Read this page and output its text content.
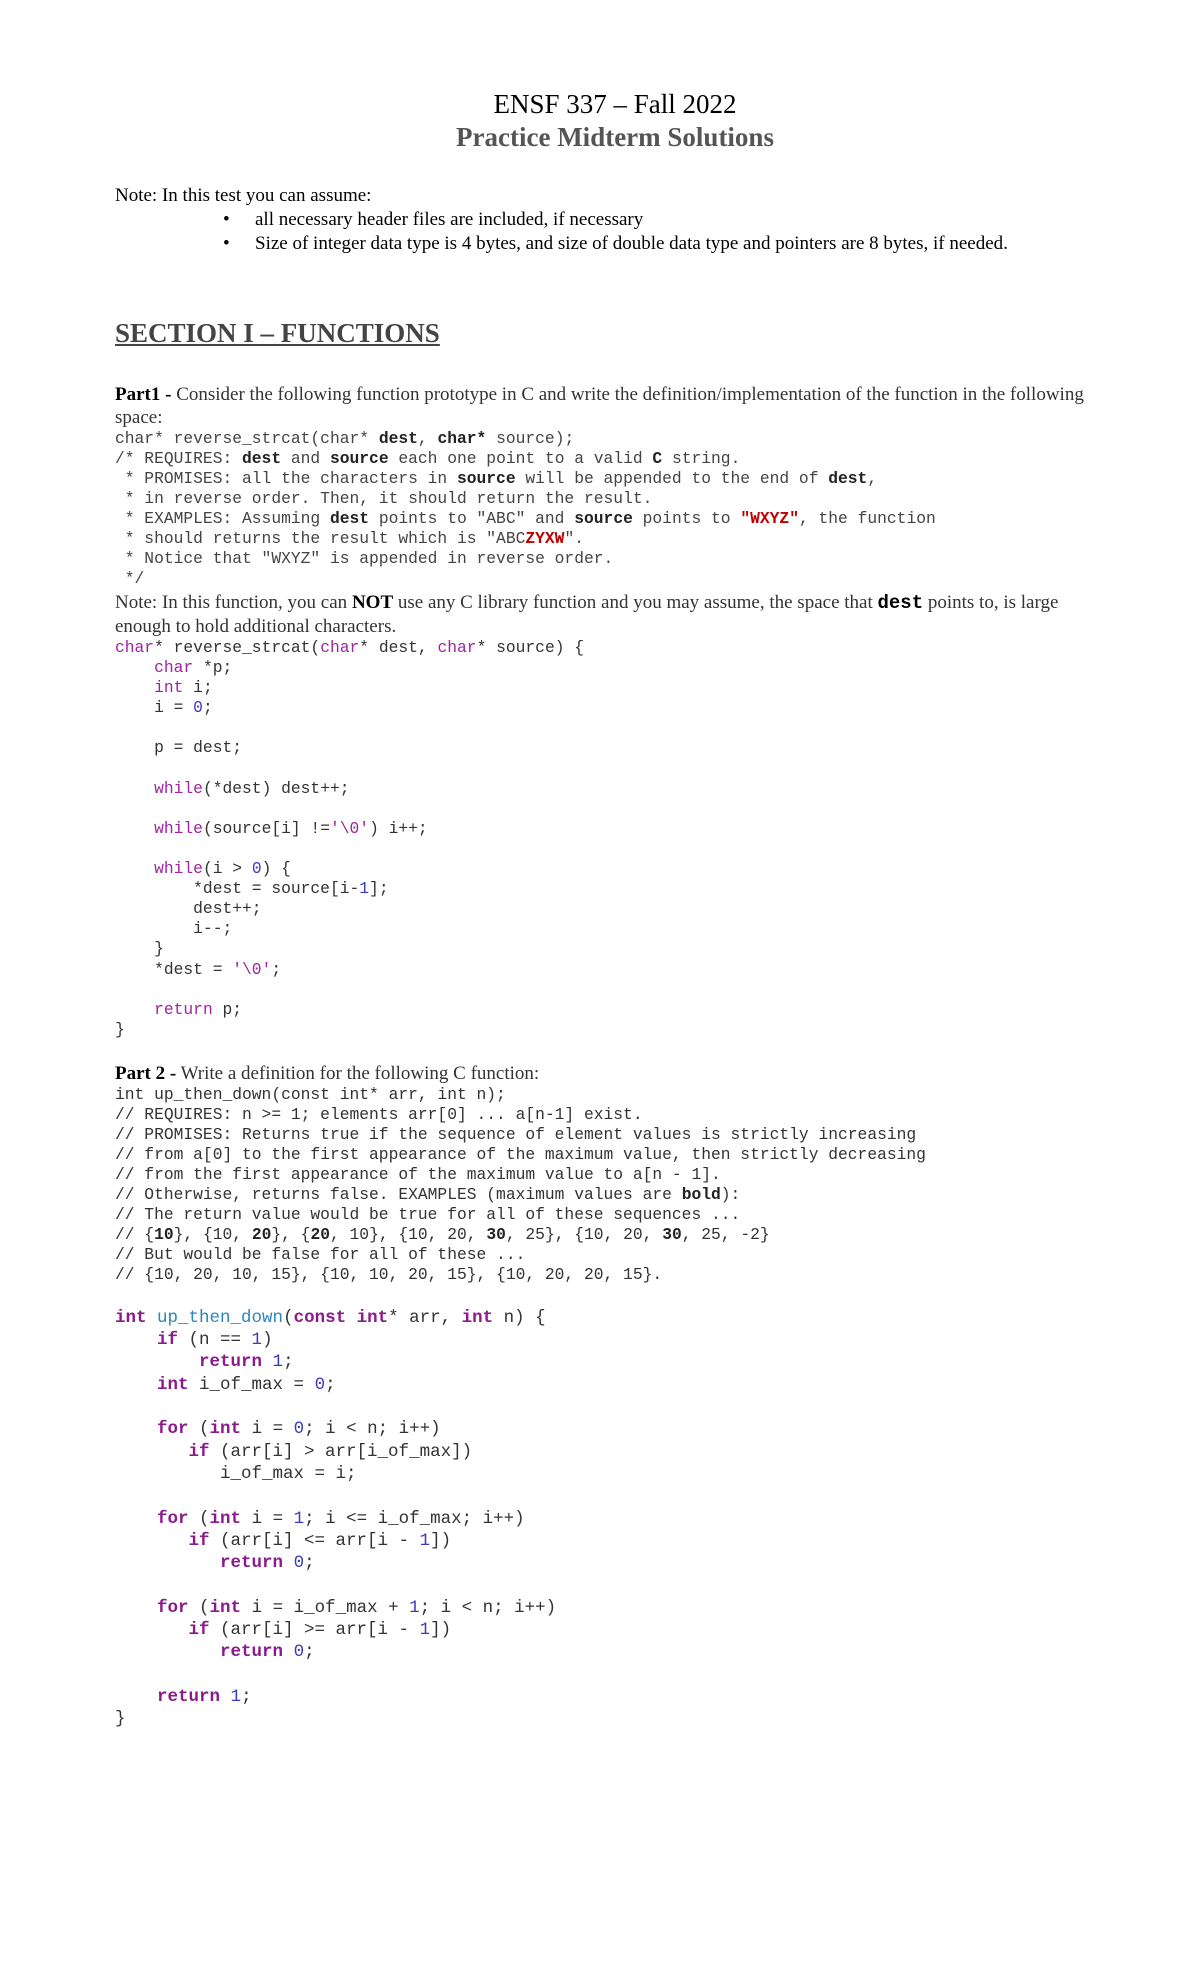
ENSF 337 – Fall 2022
Practice Midterm Solutions
Note: In this test you can assume:
• all necessary header files are included, if necessary
• Size of integer data type is 4 bytes, and size of double data type and pointers are 8 bytes, if needed.
SECTION I – FUNCTIONS
Part1 - Consider the following function prototype in C and write the definition/implementation of the function in the following space:
char* reverse_strcat(char* dest, char* source);
/* REQUIRES: dest and source each one point to a valid C string.
* PROMISES: all the characters in source will be appended to the end of dest,
* in reverse order. Then, it should return the result.
* EXAMPLES: Assuming dest points to "ABC" and source points to "WXYZ", the function
* should returns the result which is "ABCZYXW".
* Notice that "WXYZ" is appended in reverse order.
*/
Note: In this function, you can NOT use any C library function and you may assume, the space that dest points to, is large enough to hold additional characters.
char* reverse_strcat(char* dest, char* source) {
char *p;
int i;
i = 0;

p = dest;

while(*dest) dest++;

while(source[i] !='\0') i++;

while(i > 0) {
*dest = source[i-1];
dest++;
i--;
}
*dest = '\0';

return p;
}
Part 2 - Write a definition for the following C function:
int up_then_down(const int* arr, int n);
// REQUIRES: n >= 1; elements arr[0] ... a[n-1] exist.
// PROMISES: Returns true if the sequence of element values is strictly increasing
// from a[0] to the first appearance of the maximum value, then strictly decreasing
// from the first appearance of the maximum value to a[n - 1].
// Otherwise, returns false. EXAMPLES (maximum values are bold):
// The return value would be true for all of these sequences ...
// {10}, {10, 20}, {20, 10}, {10, 20, 30, 25}, {10, 20, 30, 25, -2}
// But would be false for all of these ...
// {10, 20, 10, 15}, {10, 10, 20, 15}, {10, 20, 20, 15}.
int up_then_down(const int* arr, int n) {
if (n == 1)
return 1;
int i_of_max = 0;

for (int i = 0; i < n; i++)
if (arr[i] > arr[i_of_max])
i_of_max = i;

for (int i = 1; i <= i_of_max; i++)
if (arr[i] <= arr[i - 1])
return 0;

for (int i = i_of_max + 1; i < n; i++)
if (arr[i] >= arr[i - 1])
return 0;

return 1;
}
